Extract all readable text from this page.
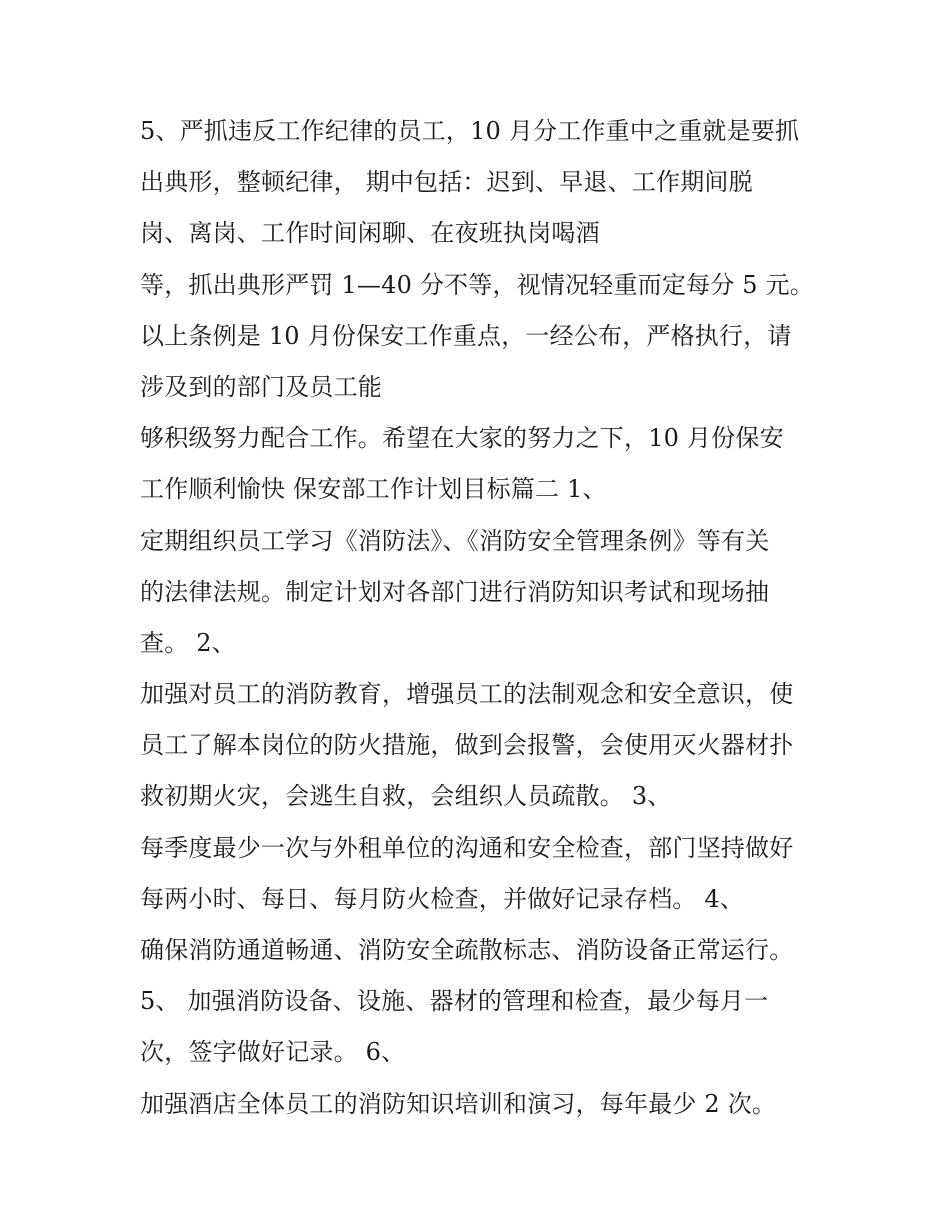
5、严抓违反工作纪律的员工，10 月分工作重中之重就是要抓
出典形，整顿纪律， 期中包括：迟到、早退、工作期间脱
岗、离岗、工作时间闲聊、在夜班执岗喝酒
等，抓出典形严罚 1—40 分不等，视情况轻重而定每分 5 元。
以上条例是 10 月份保安工作重点，一经公布，严格执行，请
涉及到的部门及员工能
够积级努力配合工作。希望在大家的努力之下，10 月份保安
工作顺利愉快 保安部工作计划目标篇二 1、
定期组织员工学习《消防法》、《消防安全管理条例》等有关
的法律法规。制定计划对各部门进行消防知识考试和现场抽
查。 2、
加强对员工的消防教育，增强员工的法制观念和安全意识，使
员工了解本岗位的防火措施，做到会报警，会使用灭火器材扑
救初期火灾，会逃生自救，会组织人员疏散。 3、
每季度最少一次与外租单位的沟通和安全检查，部门坚持做好
每两小时、每日、每月防火检查，并做好记录存档。 4、
确保消防通道畅通、消防安全疏散标志、消防设备正常运行。
5、 加强消防设备、设施、器材的管理和检查，最少每月一
次，签字做好记录。 6、
加强酒店全体员工的消防知识培训和演习，每年最少 2 次。
